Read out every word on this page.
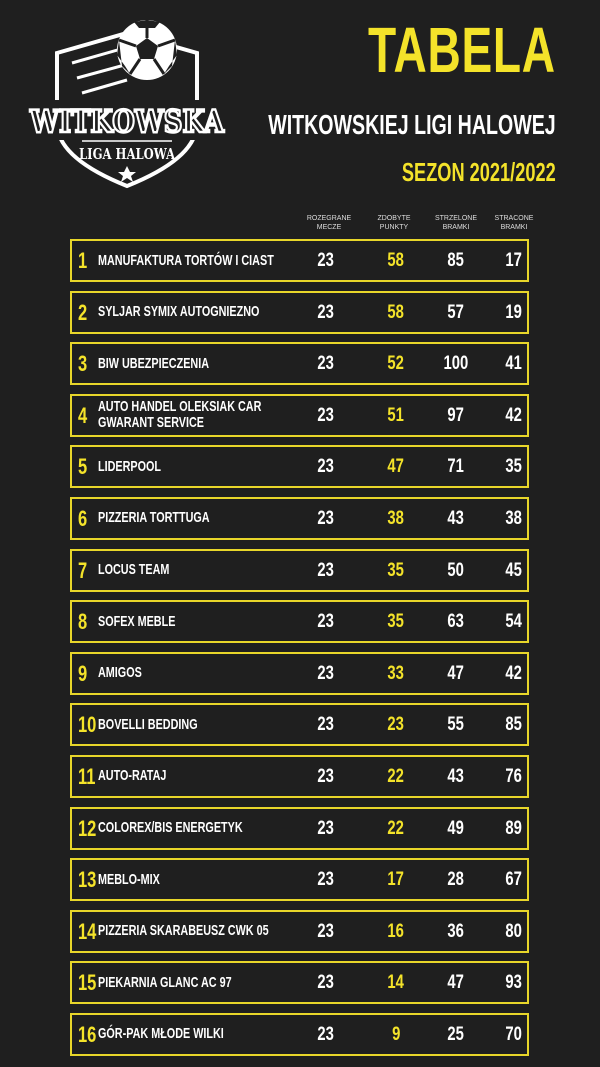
WITKOWSKA
LIGA HALOWA
TABELA
WITKOWSKIEJ LIGI HALOWEJ
SEZON 2021/2022
ROZEGRANE MECZE
ZDOBYTE PUNKTY
STRZELONE BRAMKI
STRACONE BRAMKI
1 MANUFAKTURA TORTÓW I CIAST	23	58	85	17
2 SYLJAR SYMIX AUTOGNIEZNO	23	58	57	19
3 BIW UBEZPIECZENIA	23	52	100	41
4 AUTO HANDEL OLEKSIAK CAR GWARANT SERVICE	23	51	97	42
5 LIDERPOOL	23	47	71	35
6 PIZZERIA TORTTUGA	23	38	43	38
7 LOCUS TEAM	23	35	50	45
8 SOFEX MEBLE	23	35	63	54
9 AMIGOS	23	33	47	42
10 BOVELLI BEDDING	23	23	55	85
11 AUTO-RATAJ	23	22	43	76
12 COLOREX/BIS ENERGETYK	23	22	49	89
13 MEBLO-MIX	23	17	28	67
14 PIZZERIA SKARABEUSZ CWK 05	23	16	36	80
15 PIEKARNIA GLANC AC 97	23	14	47	93
16 GÓR-PAK MŁODE WILKI	23	9	25	70
